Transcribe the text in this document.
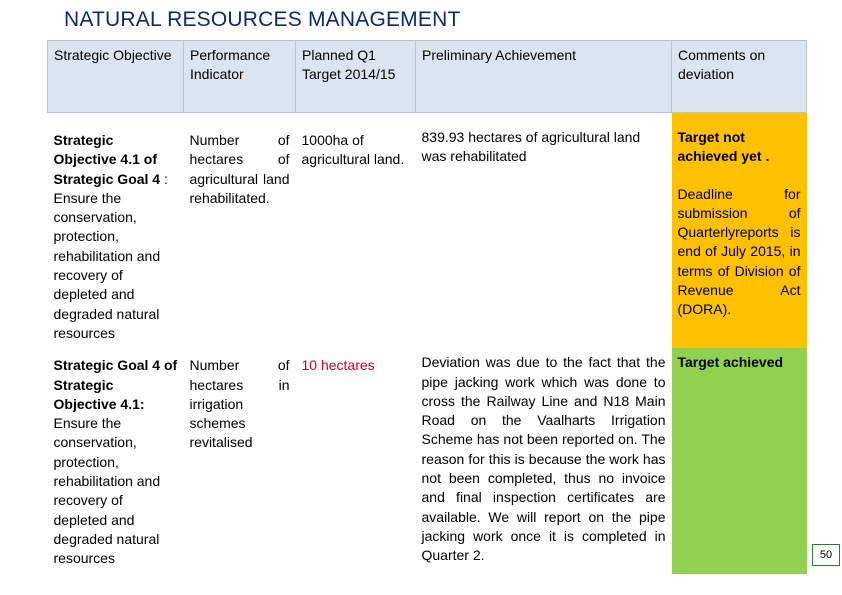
NATURAL RESOURCES MANAGEMENT
Strategic Objective	Performance Indicator	Planned Q1 Target 2014/15	Preliminary Achievement	Comments on deviation
Strategic Objective 4.1 of Strategic Goal 4 : Ensure the conservation, protection, rehabilitation and recovery of depleted and degraded natural resources	Number of hectares of agricultural land rehabilitated.	1000ha of agricultural land.	839.93 hectares of agricultural land was rehabilitated	Target not achieved yet .
Deadline for submission of Quarterlyreports is end of July 2015, in terms of Division of Revenue Act (DORA).

Strategic Goal 4 of Strategic Objective 4.1: Ensure the conservation, protection, rehabilitation and recovery of depleted and degraded natural resources	Number of hectares in irrigation schemes revitalised	10 hectares	Deviation was due to the fact that the pipe jacking work which was done to cross the Railway Line and N18 Main Road on the Vaalharts Irrigation Scheme has not been reported on. The reason for this is because the work has not been completed, thus no invoice and final inspection certificates are available. We will report on the pipe jacking work once it is completed in Quarter 2.	Target achieved
50
